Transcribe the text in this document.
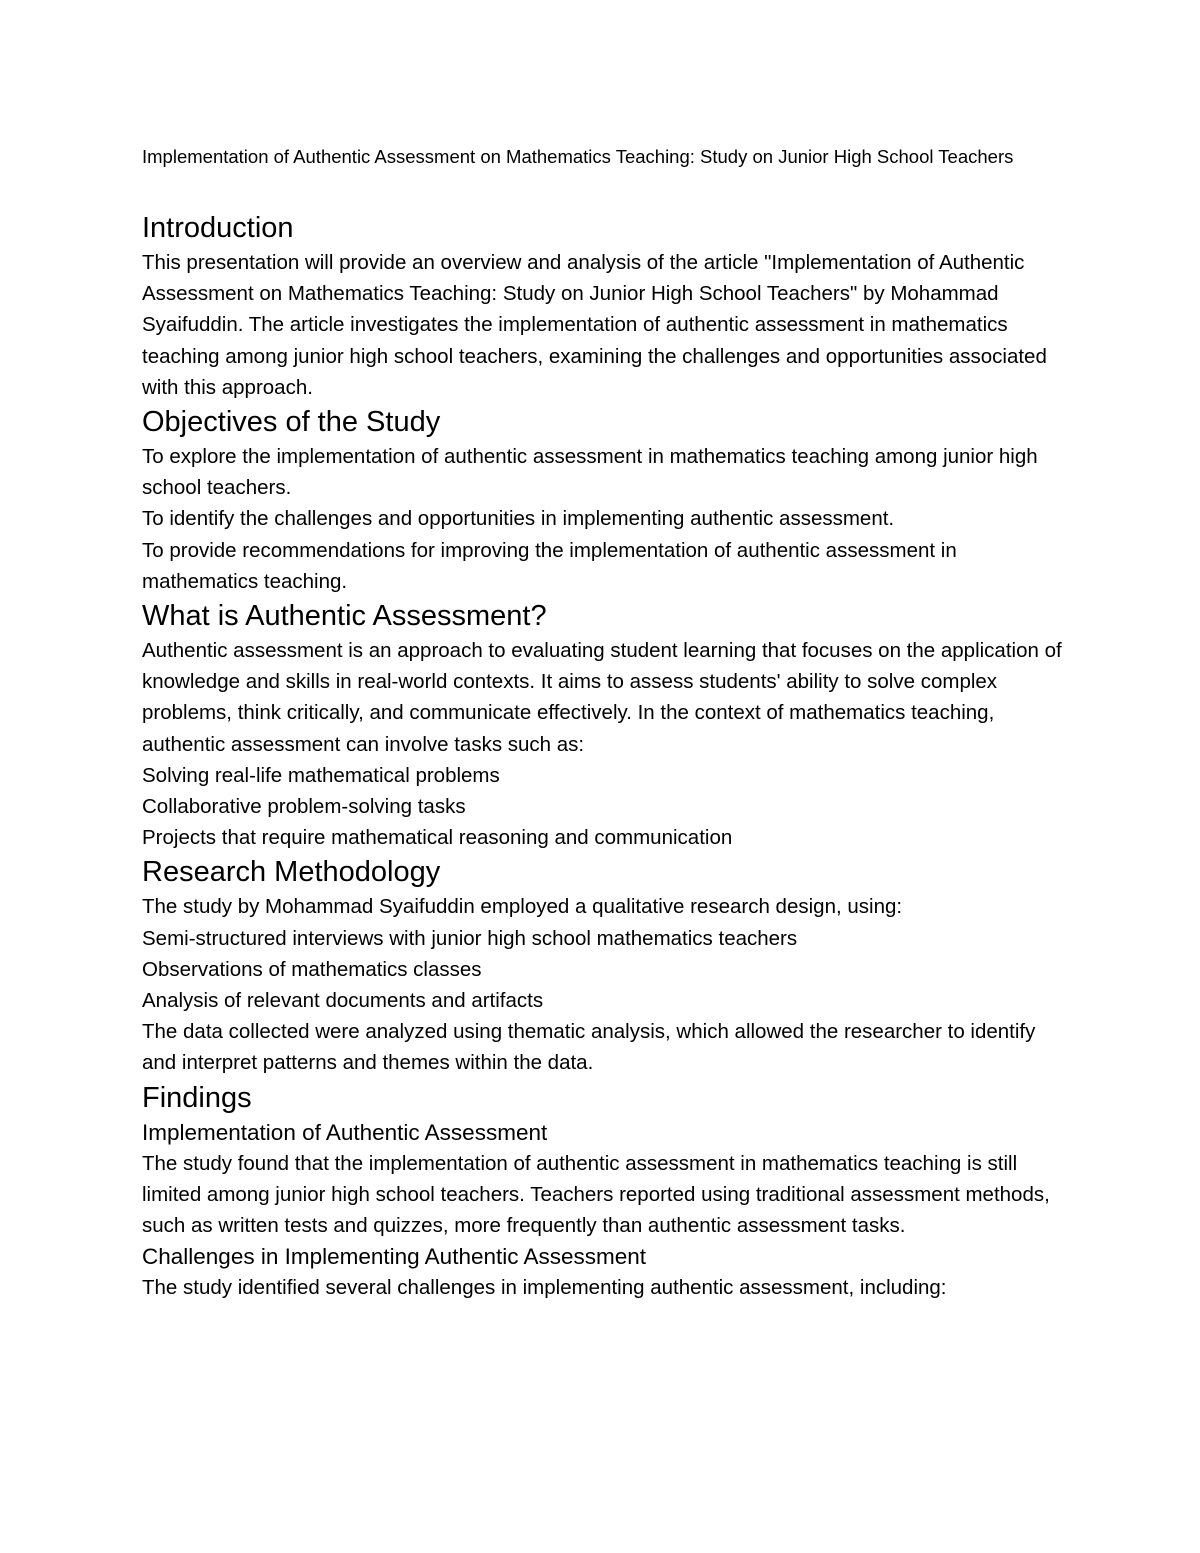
Implementation of Authentic Assessment on Mathematics Teaching: Study on Junior High School Teachers

Introduction

This presentation will provide an overview and analysis of the article "Implementation of Authentic Assessment on Mathematics Teaching: Study on Junior High School Teachers" by Mohammad Syaifuddin. The article investigates the implementation of authentic assessment in mathematics teaching among junior high school teachers, examining the challenges and opportunities associated with this approach.

Objectives of the Study

To explore the implementation of authentic assessment in mathematics teaching among junior high school teachers.

To identify the challenges and opportunities in implementing authentic assessment.

To provide recommendations for improving the implementation of authentic assessment in mathematics teaching.

What is Authentic Assessment?

Authentic assessment is an approach to evaluating student learning that focuses on the application of knowledge and skills in real-world contexts. It aims to assess students' ability to solve complex problems, think critically, and communicate effectively. In the context of mathematics teaching, authentic assessment can involve tasks such as:

Solving real-life mathematical problems

Collaborative problem-solving tasks

Projects that require mathematical reasoning and communication

Research Methodology

The study by Mohammad Syaifuddin employed a qualitative research design, using:

Semi-structured interviews with junior high school mathematics teachers

Observations of mathematics classes

Analysis of relevant documents and artifacts

The data collected were analyzed using thematic analysis, which allowed the researcher to identify and interpret patterns and themes within the data.

Findings
Implementation of Authentic Assessment

The study found that the implementation of authentic assessment in mathematics teaching is still limited among junior high school teachers. Teachers reported using traditional assessment methods, such as written tests and quizzes, more frequently than authentic assessment tasks.

Challenges in Implementing Authentic Assessment

The study identified several challenges in implementing authentic assessment, including:
